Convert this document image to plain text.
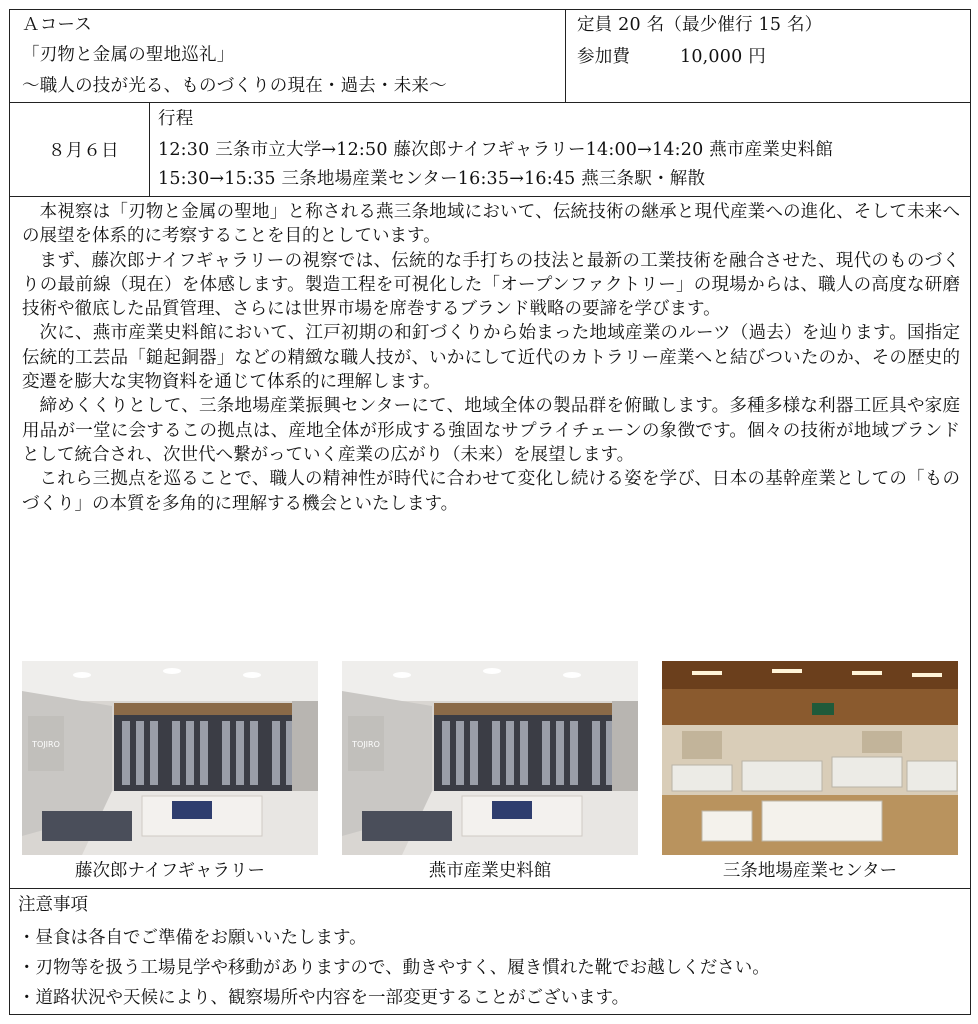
Ａコース
「刃物と金属の聖地巡礼」
～職人の技が光る、ものづくりの現在・過去・未来～
定員 20 名（最少催行 15 名）
参加費	10,000 円
８月６日
行程
12:30 三条市立大学→12:50 藤次郎ナイフギャラリー14:00→14:20 燕市産業史料館
15:30→15:35 三条地場産業センター16:35→16:45 燕三条駅・解散

本視察は「刃物と金属の聖地」と称される燕三条地域において、伝統技術の継承と現代産業への進化、そして未来への展望を体系的に考察することを目的としています。

まず、藤次郎ナイフギャラリーの視察では、伝統的な手打ちの技法と最新の工業技術を融合させた、現代のものづくりの最前線（現在）を体感します。製造工程を可視化した「オープンファクトリー」の現場からは、職人の高度な研磨技術や徹底した品質管理、さらには世界市場を席巻するブランド戦略の要諦を学びます。

次に、燕市産業史料館において、江戸初期の和釘づくりから始まった地域産業のルーツ（過去）を辿ります。国指定伝統的工芸品「鎚起銅器」などの精緻な職人技が、いかにして近代のカトラリー産業へと結びついたのか、その歴史的変遷を膨大な実物資料を通じて体系的に理解します。

締めくくりとして、三条地場産業振興センターにて、地域全体の製品群を俯瞰します。多種多様な利器工匠具や家庭用品が一堂に会するこの拠点は、産地全体が形成する強固なサプライチェーンの象徴です。個々の技術が地域ブランドとして統合され、次世代へ繋がっていく産業の広がり（未来）を展望します。

これら三拠点を巡ることで、職人の精神性が時代に合わせて変化し続ける姿を学び、日本の基幹産業としての「ものづくり」の本質を多角的に理解する機会といたします。

TOJIRO
藤次郎ナイフギャラリー
TOJIRO
燕市産業史料館	三条地場産業センター
注意事項
・昼食は各自でご準備をお願いいたします。
・刃物等を扱う工場見学や移動がありますので、動きやすく、履き慣れた靴でお越しください。
・道路状況や天候により、観察場所や内容を一部変更することがございます。
